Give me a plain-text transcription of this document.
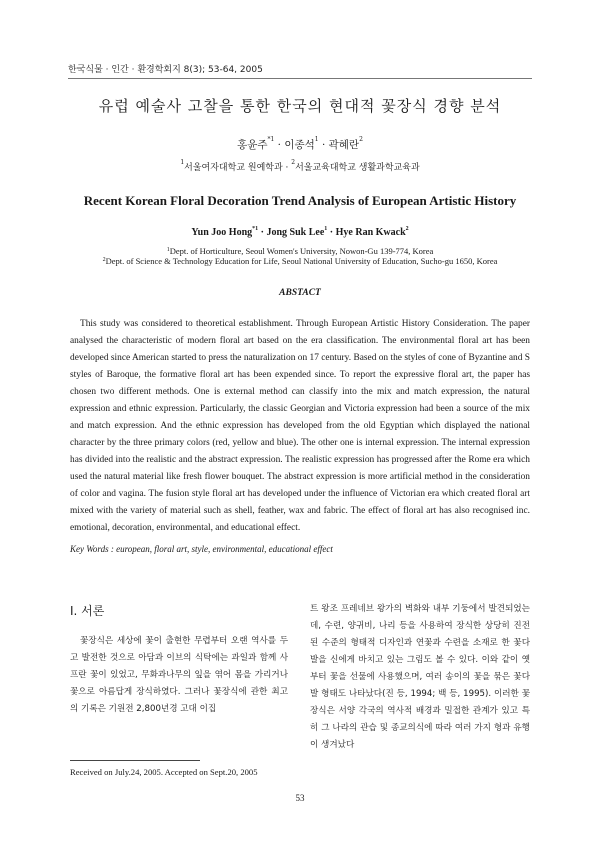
한국식물 · 인간 · 환경학회지 8(3); 53-64, 2005
유럽 예술사 고찰을 통한 한국의 현대적 꽃장식 경향 분석
홍윤주$^{*1}$ · 이종석$^1$ · 곽혜란$^2$
$^1$서울여자대학교 원예학과 · $^2$서울교육대학교 생활과학교육과
Recent Korean Floral Decoration Trend Analysis of European Artistic History
Yun Joo Hong$^{*1}$ · Jong Suk Lee$^1$ · Hye Ran Kwack$^2$
$^1$Dept. of Horticulture, Seoul Women's University, Nowon-Gu 139-774, Korea
$^2$Dept. of Science & Technology Education for Life, Seoul National University of Education, Sucho-gu 1650, Korea
ABSTACT
This study was considered to theoretical establishment. Through European Artistic History Consideration. The paper analysed the characteristic of modern floral art based on the era classification. The environmental floral art has been developed since American started to press the naturalization on 17 century. Based on the styles of cone of Byzantine and S styles of Baroque, the formative floral art has been expended since. To report the expressive floral art, the paper has chosen two different methods. One is external method can classify into the mix and match expression, the natural expression and ethnic expression. Particularly, the classic Georgian and Victoria expression had been a source of the mix and match expression. And the ethnic expression has developed from the old Egyptian which displayed the national character by the three primary colors (red, yellow and blue). The other one is internal expression. The internal expression has divided into the realistic and the abstract expression. The realistic expression has progressed after the Rome era which used the natural material like fresh flower bouquet. The abstract expression is more artificial method in the consideration of color and vagina. The fusion style floral art has developed under the influence of Victorian era which created floral art mixed with the variety of material such as shell, feather, wax and fabric. The effect of floral art has also recognised inc. emotional, decoration, environmental, and educational effect.
Key Words : european, floral art, style, environmental, educational effect
Ⅰ. 서론
꽃장식은 세상에 꽃이 출현한 무렵부터 오랜 역사를 두고 발전한 것으로 아담과 이브의 식탁에는 과일과 함께 사프란 꽃이 있었고, 무화과나무의 잎을 엮어 몸을 가리거나 꽃으로 아름답게 장식하였다. 그러나 꽃장식에 관한 최고의 기록은 기원전 2,800년경 고대 이집
트 왕조 프레네브 왕가의 벽화와 내부 기둥에서 발견되었는데, 수련, 양귀비, 나리 등을 사용하여 장식한 상당히 진전된 수준의 형태적 디자인과 연꽃과 수련을 소재로 한 꽃다발을 신에게 바치고 있는 그림도 볼 수 있다. 이와 같이 옛 부터 꽃을 선물에 사용했으며, 여러 송이의 꽃을 묶은 꽃다발 형태도 나타났다(진 등, 1994; 백 등, 1995). 이러한 꽃장식은 서양 각국의 역사적 배경과 밀접한 관계가 있고 특히 그 나라의 관습 및 종교의식에 따라 여러 가지 형과 유행이 생겨났다
Received on July.24, 2005. Accepted on Sept.20, 2005
53
